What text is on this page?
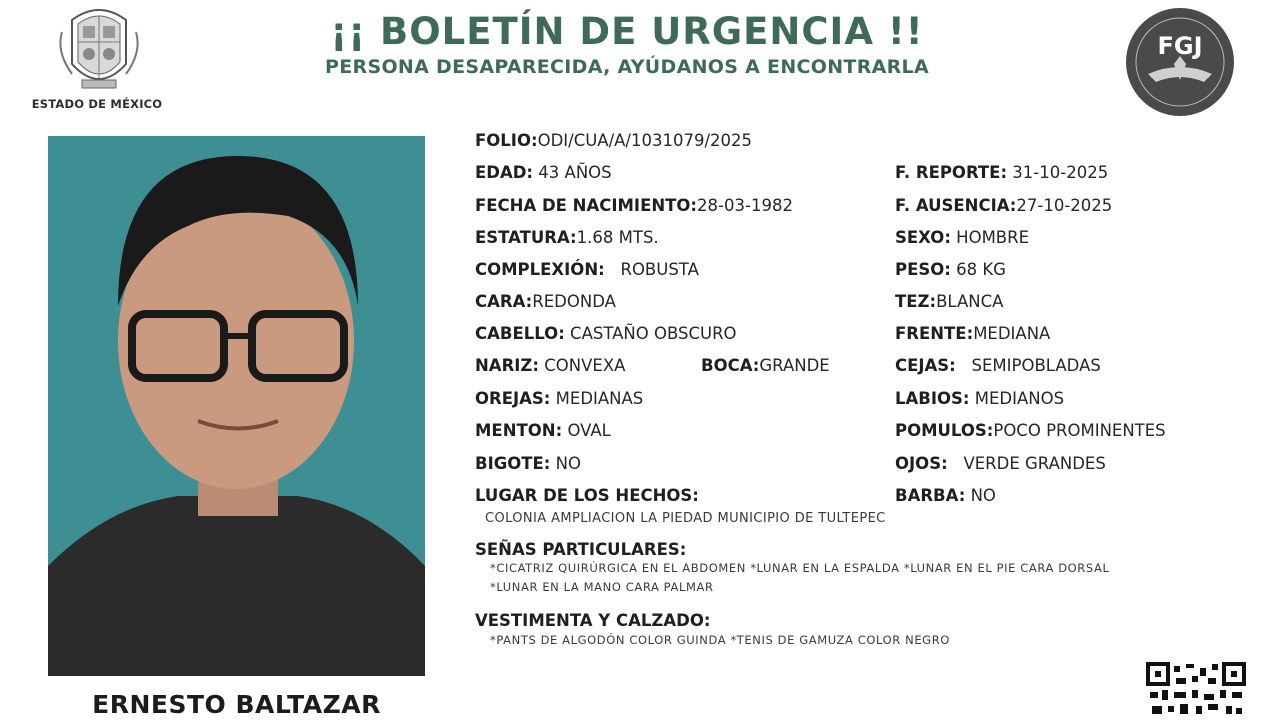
ESTADO DE MÉXICO
¡¡ BOLETÍN DE URGENCIA !!
PERSONA DESAPARECIDA, AYÚDANOS A ENCONTRARLA
FGJ
ERNESTO BALTAZAR
FOLIO:ODI/CUA/A/1031079/2025
EDAD: 43 AÑOS	F. REPORTE: 31-10-2025
FECHA DE NACIMIENTO:28-03-1982	F. AUSENCIA:27-10-2025
ESTATURA:1.68 MTS.	SEXO: HOMBRE
COMPLEXIÓN: ROBUSTA	PESO: 68 KG
CARA:REDONDA	TEZ:BLANCA
CABELLO: CASTAÑO OBSCURO	FRENTE:MEDIANA
NARIZ: CONVEXA	BOCA:GRANDE	CEJAS: SEMIPOBLADAS
OREJAS: MEDIANAS	LABIOS: MEDIANOS
MENTON: OVAL	POMULOS:POCO PROMINENTES
BIGOTE: NO	OJOS: VERDE GRANDES
LUGAR DE LOS HECHOS:	BARBA: NO
COLONIA AMPLIACION LA PIEDAD MUNICIPIO DE TULTEPEC
SEÑAS PARTICULARES:
*CICATRIZ QUIRÚRGICA EN EL ABDOMEN *LUNAR EN LA ESPALDA *LUNAR EN EL PIE CARA DORSAL
*LUNAR EN LA MANO CARA PALMAR
VESTIMENTA Y CALZADO:
*PANTS DE ALGODÓN COLOR GUINDA *TENIS DE GAMUZA COLOR NEGRO
